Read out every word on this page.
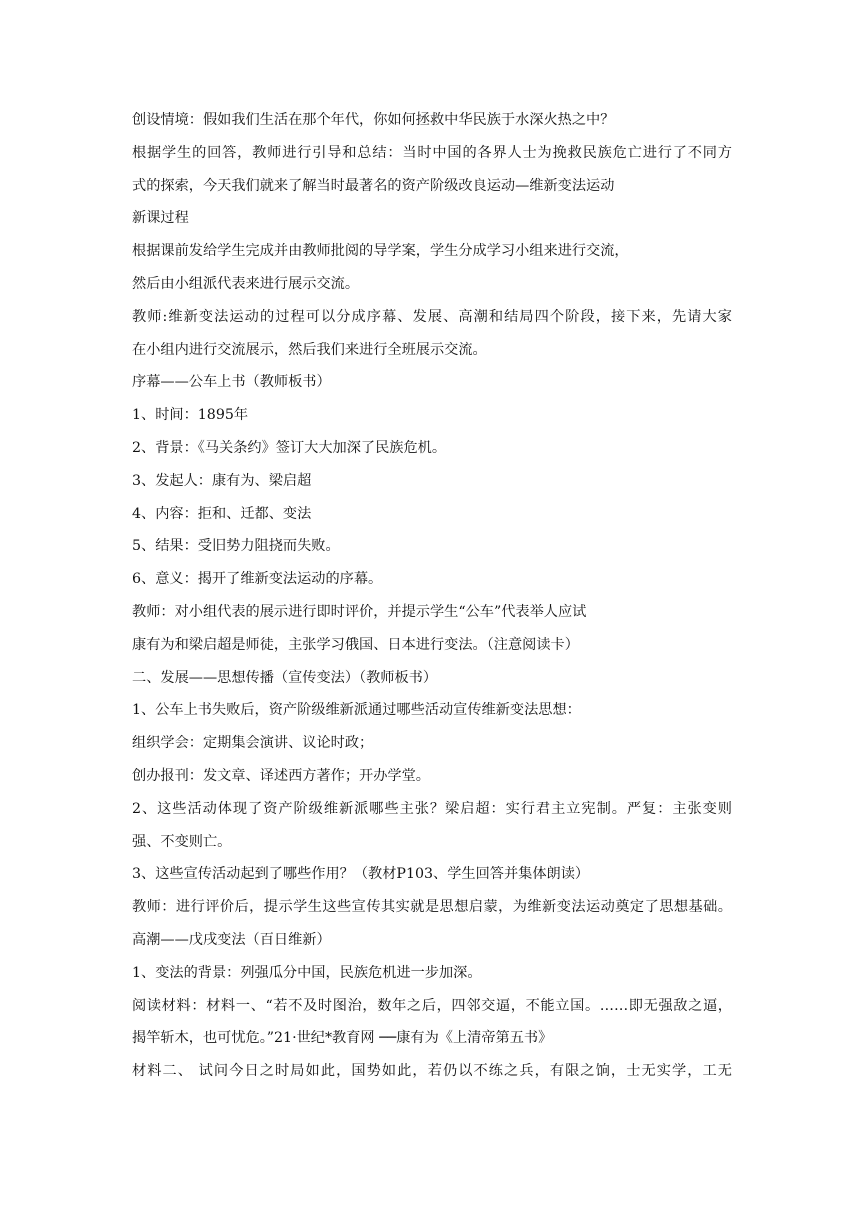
创设情境：假如我们生活在那个年代，你如何拯救中华民族于水深火热之中？
根据学生的回答，教师进行引导和总结：当时中国的各界人士为挽救民族危亡进行了不同方
式的探索，今天我们就来了解当时最著名的资产阶级改良运动—维新变法运动
新课过程
根据课前发给学生完成并由教师批阅的导学案，学生分成学习小组来进行交流，
然后由小组派代表来进行展示交流。
教师:维新变法运动的过程可以分成序幕、发展、高潮和结局四个阶段，接下来，先请大家
在小组内进行交流展示，然后我们来进行全班展示交流。
序幕——公车上书（教师板书）
1、时间：1895年
2、背景：《马关条约》签订大大加深了民族危机。
3、发起人：康有为、梁启超
4、内容：拒和、迁都、变法
5、结果：受旧势力阻挠而失败。
6、意义：揭开了维新变法运动的序幕。
教师：对小组代表的展示进行即时评价，并提示学生“公车”代表举人应试
康有为和梁启超是师徒，主张学习俄国、日本进行变法。（注意阅读卡）
二、发展——思想传播（宣传变法）（教师板书）
1、公车上书失败后，资产阶级维新派通过哪些活动宣传维新变法思想：
组织学会：定期集会演讲、议论时政；
创办报刊：发文章、译述西方著作；开办学堂。
2、这些活动体现了资产阶级维新派哪些主张？梁启超：实行君主立宪制。严复：主张变则
强、不变则亡。
3、这些宣传活动起到了哪些作用？（教材P103、学生回答并集体朗读）
教师：进行评价后，提示学生这些宣传其实就是思想启蒙，为维新变法运动奠定了思想基础。
高潮——戊戌变法（百日维新）
1、变法的背景：列强瓜分中国，民族危机进一步加深。
阅读材料：材料一、“若不及时图治，数年之后，四邻交逼，不能立国。……即无强敌之逼，
揭竿斩木，也可忧危。”21·世纪*教育网 ──康有为《上清帝第五书》
材料二、 试问今日之时局如此，国势如此，若仍以不练之兵，有限之饷，士无实学，工无
